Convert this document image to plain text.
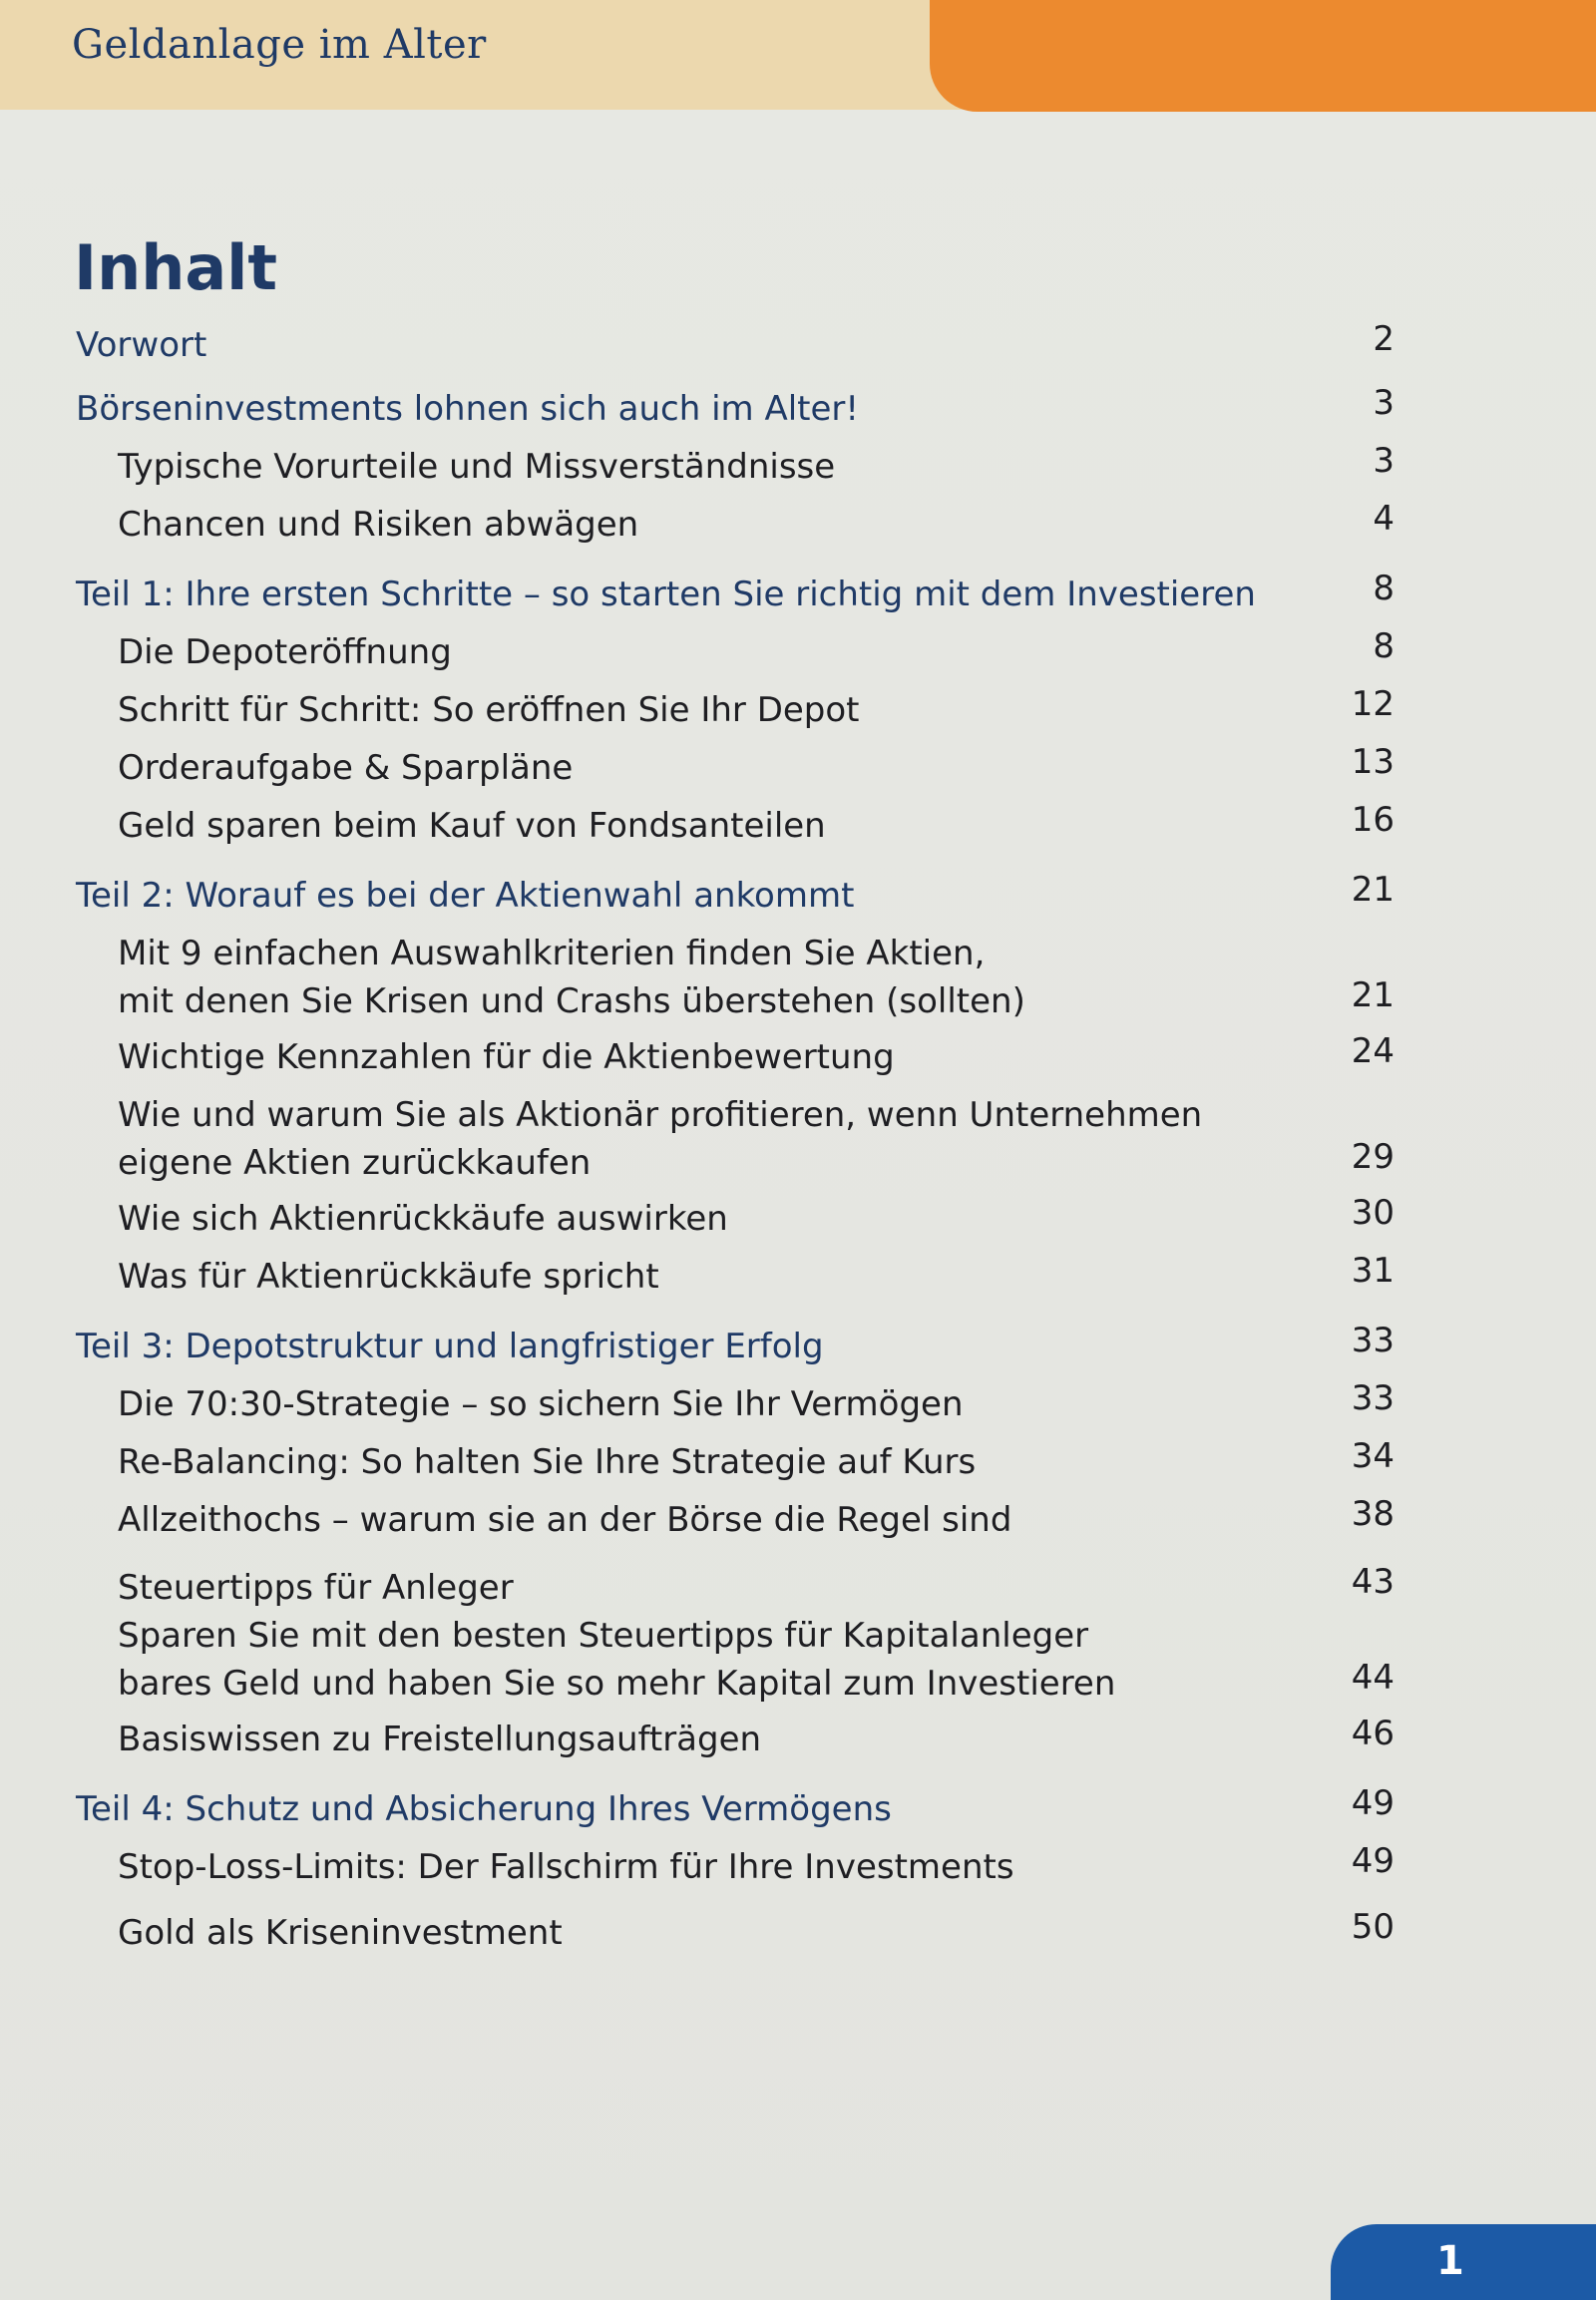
Geldanlage im Alter
Inhalt
Vorwort	2
Börseninvestments lohnen sich auch im Alter!	3
Typische Vorurteile und Missverständnisse	3
Chancen und Risiken abwägen	4
Teil 1: Ihre ersten Schritte – so starten Sie richtig mit dem Investieren	8
Die Depoteröffnung	8
Schritt für Schritt: So eröffnen Sie Ihr Depot	12
Orderaufgabe & Sparpläne	13
Geld sparen beim Kauf von Fondsanteilen	16
Teil 2: Worauf es bei der Aktienwahl ankommt	21
Mit 9 einfachen Auswahlkriterien finden Sie Aktien,
mit denen Sie Krisen und Crashs überstehen (sollten)	21
Wichtige Kennzahlen für die Aktienbewertung	24
Wie und warum Sie als Aktionär profitieren, wenn Unternehmen
eigene Aktien zurückkaufen	29
Wie sich Aktienrückkäufe auswirken	30
Was für Aktienrückkäufe spricht	31
Teil 3: Depotstruktur und langfristiger Erfolg	33
Die 70:30-Strategie – so sichern Sie Ihr Vermögen	33
Re-Balancing: So halten Sie Ihre Strategie auf Kurs	34
Allzeithochs – warum sie an der Börse die Regel sind	38
Steuertipps für Anleger	43
Sparen Sie mit den besten Steuertipps für Kapitalanleger
bares Geld und haben Sie so mehr Kapital zum Investieren	44
Basiswissen zu Freistellungsaufträgen	46
Teil 4: Schutz und Absicherung Ihres Vermögens	49
Stop-Loss-Limits: Der Fallschirm für Ihre Investments	49
Gold als Kriseninvestment	50
1
